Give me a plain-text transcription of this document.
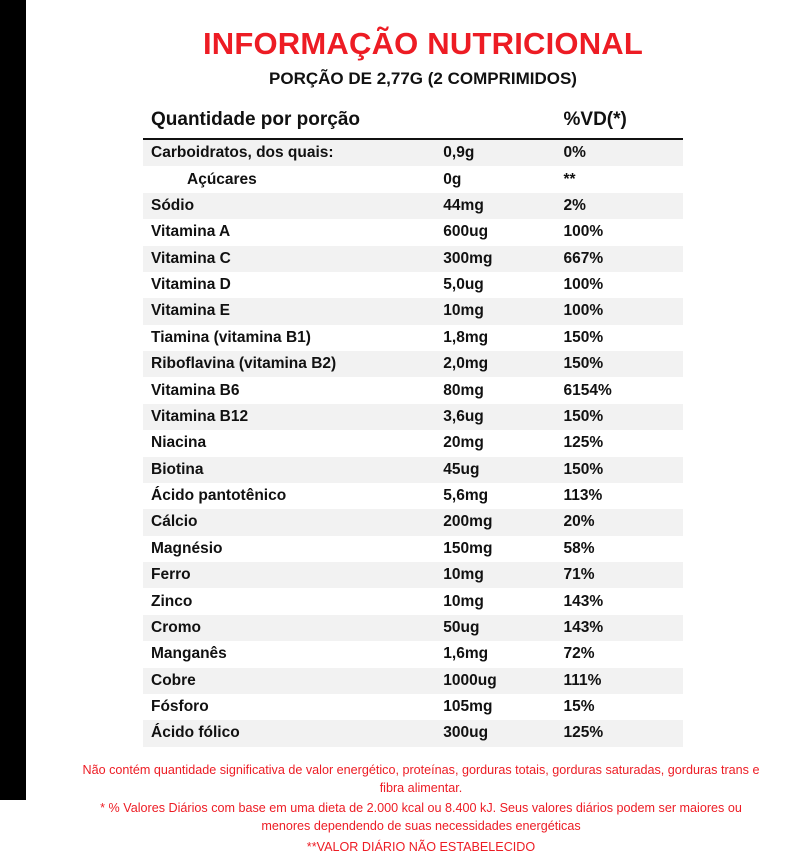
INFORMAÇÃO NUTRICIONAL
PORÇÃO DE 2,77G (2 COMPRIMIDOS)
Quantidade por porção		%VD(*)
Carboidratos, dos quais:	0,9g	0%
Açúcares	0g	**
Sódio	44mg	2%
Vitamina A	600ug	100%
Vitamina C	300mg	667%
Vitamina D	5,0ug	100%
Vitamina E	10mg	100%
Tiamina (vitamina B1)	1,8mg	150%
Riboflavina (vitamina B2)	2,0mg	150%
Vitamina B6	80mg	6154%
Vitamina B12	3,6ug	150%
Niacina	20mg	125%
Biotina	45ug	150%
Ácido pantotênico	5,6mg	113%
Cálcio	200mg	20%
Magnésio	150mg	58%
Ferro	10mg	71%
Zinco	10mg	143%
Cromo	50ug	143%
Manganês	1,6mg	72%
Cobre	1000ug	111%
Fósforo	105mg	15%
Ácido fólico	300ug	125%

Não contém quantidade significativa de valor energético, proteínas, gorduras totais, gorduras saturadas, gorduras trans e fibra alimentar.

* % Valores Diários com base em uma dieta de 2.000 kcal ou 8.400 kJ. Seus valores diários podem ser maiores ou menores dependendo de suas necessidades energéticas

**VALOR DIÁRIO NÃO ESTABELECIDO
